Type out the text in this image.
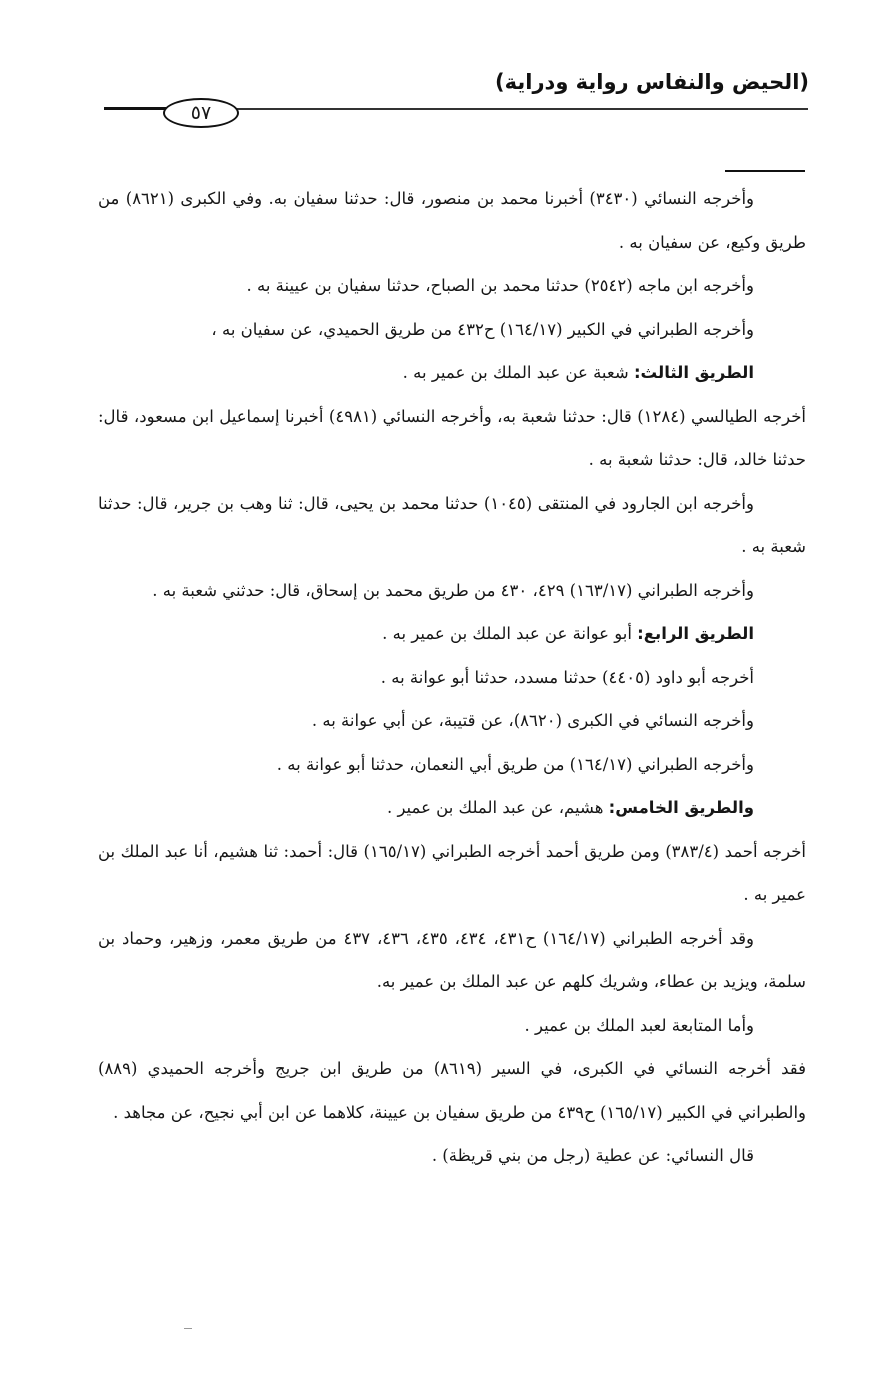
(الحيض والنفاس رواية ودراية)
٥٧

وأخرجه النسائي (٣٤٣٠) أخبرنا محمد بن منصور، قال: حدثنا سفيان به. وفي الكبرى (٨٦٢١) من طريق وكيع، عن سفيان به .

وأخرجه ابن ماجه (٢٥٤٢) حدثنا محمد بن الصباح، حدثنا سفيان بن عيينة به .

وأخرجه الطبراني في الكبير (١٦٤/١٧) ح٤٣٢ من طريق الحميدي، عن سفيان به ،

الطريق الثالث: شعبة عن عبد الملك بن عمير به .

أخرجه الطيالسي (١٢٨٤) قال: حدثنا شعبة به، وأخرجه النسائي (٤٩٨١) أخبرنا إسماعيل ابن مسعود، قال: حدثنا خالد، قال: حدثنا شعبة به .

وأخرجه ابن الجارود في المنتقى (١٠٤٥) حدثنا محمد بن يحيى، قال: ثنا وهب بن جرير، قال: حدثنا شعبة به .

وأخرجه الطبراني (١٦٣/١٧) ٤٢٩، ٤٣٠ من طريق محمد بن إسحاق، قال: حدثني شعبة به .

الطريق الرابع: أبو عوانة عن عبد الملك بن عمير به .

أخرجه أبو داود (٤٤٠٥) حدثنا مسدد، حدثنا أبو عوانة به .

وأخرجه النسائي في الكبرى (٨٦٢٠)، عن قتيبة، عن أبي عوانة به .

وأخرجه الطبراني (١٦٤/١٧) من طريق أبي النعمان، حدثنا أبو عوانة به .

والطريق الخامس: هشيم، عن عبد الملك بن عمير .

أخرجه أحمد (٣٨٣/٤) ومن طريق أحمد أخرجه الطبراني (١٦٥/١٧) قال: أحمد: ثنا هشيم، أنا عبد الملك بن عمير به .

وقد أخرجه الطبراني (١٦٤/١٧) ح٤٣١، ٤٣٤، ٤٣٥، ٤٣٦، ٤٣٧ من طريق معمر، وزهير، وحماد بن سلمة، ويزيد بن عطاء، وشريك كلهم عن عبد الملك بن عمير به.

وأما المتابعة لعبد الملك بن عمير .

فقد أخرجه النسائي في الكبرى، في السير (٨٦١٩) من طريق ابن جريج وأخرجه الحميدي (٨٨٩) والطبراني في الكبير (١٦٥/١٧) ح٤٣٩ من طريق سفيان بن عيينة، كلاهما عن ابن أبي نجيح، عن مجاهد .

قال النسائي: عن عطية (رجل من بني قريظة) .
